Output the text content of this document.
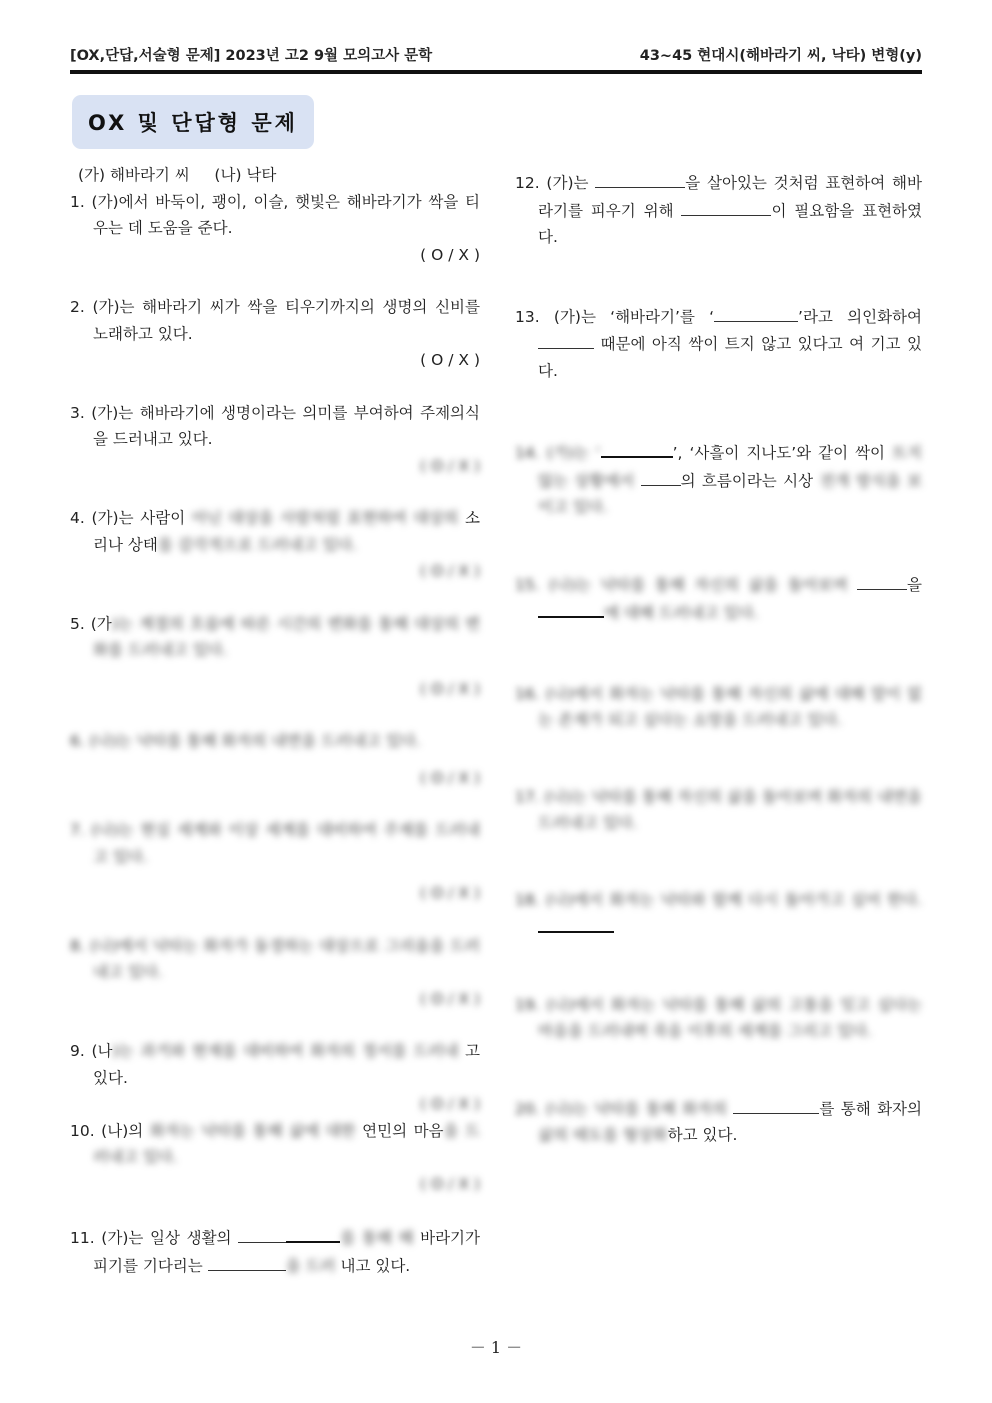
[OX,단답,서술형 문제] 2023년 고2 9월 모의고사 문학	43~45 현대시(해바라기 씨, 낙타) 변형(y)
OX 및 단답형 문제

(가) 해바라기 씨     (나) 낙타

1. (가)에서 바둑이, 괭이, 이슬, 햇빛은 해바라기가 싹을 티우는 데 도움을 준다.

( O / X )

2. (가)는 해바라기 씨가 싹을 티우기까지의 생명의 신비를 노래하고 있다.

( O / X )

3. (가)는 해바라기에 생명이라는 의미를 부여하여 주제의식을 드러내고 있다.

( O / X )

4. (가)는 사람이 아닌 대상을 사람처럼 표현하여 대상의 소리나 상태를 감각적으로 드러내고 있다.

( O / X )

5. (가)는 계절의 흐름에 따른 시간의 변화를 통해 대상의 변화를 드러내고 있다.

( O / X )

6. (나)는 낙타를 통해 화자의 내면을 드러내고 있다.

( O / X )

7. (나)는 현실 세계와 이상 세계를 대비하여 주제를 드러내고 있다.

( O / X )

8. (나)에서 낙타는 화자가 동경하는 대상으로 그리움을 드러내고 있다.

( O / X )

9. (나)는 과거와 현재를 대비하여 화자의 정서를 드러내 고 있다.

( O / X )

10. (나)의 화자는 낙타를 통해 삶에 대한 연민의 마음을 드러내고 있다.

( O / X )

11. (가)는 일상 생활의	를 통해 해 바라기가 피기를 기다리는	을 드러 내고 있다.

12. (가)는	을 살아있는 것처럼 표현하여 해바라기를 피우기 위해	이 필요함을 표현하였다.

13. (가)는 ‘해바라기’를 ‘	’라고 의인화하여  때문에 아직 싹이 트지 않고 있다고 여 기고 있다.

14. (가)는 ‘	’, ‘사흘이 지나도’와 같이 싹이 트지 않는 상황에서	의 흐름이라는 시상 전개 방식을 보이고 있다.

15. (나)는 낙타를 통해 자신의 삶을 돌아보며	을 에 대해 드러내고 있다.

16. (나)에서 화자는 낙타를 통해 자신의 삶에 대해 말이 없는 존재가 되고 싶다는 소망을 드러내고 있다.

17. (나)는 낙타를 통해 자신의 삶을 돌아보며 화자의 내면을 드러내고 있다.

18. (나)에서 화자는 낙타와 함께 다시 돌아가고 싶어 한다.

19. (나)에서 화자는 낙타를 통해 삶의 고통을 잊고 싶다는 마음을 드러내며 죽음 이후의 세계를 그리고 있다.

20. (나)는 낙타를 통해 화자의	를 통해 화자의 삶의 태도를 형상화하고 있다.

－ 1 －
